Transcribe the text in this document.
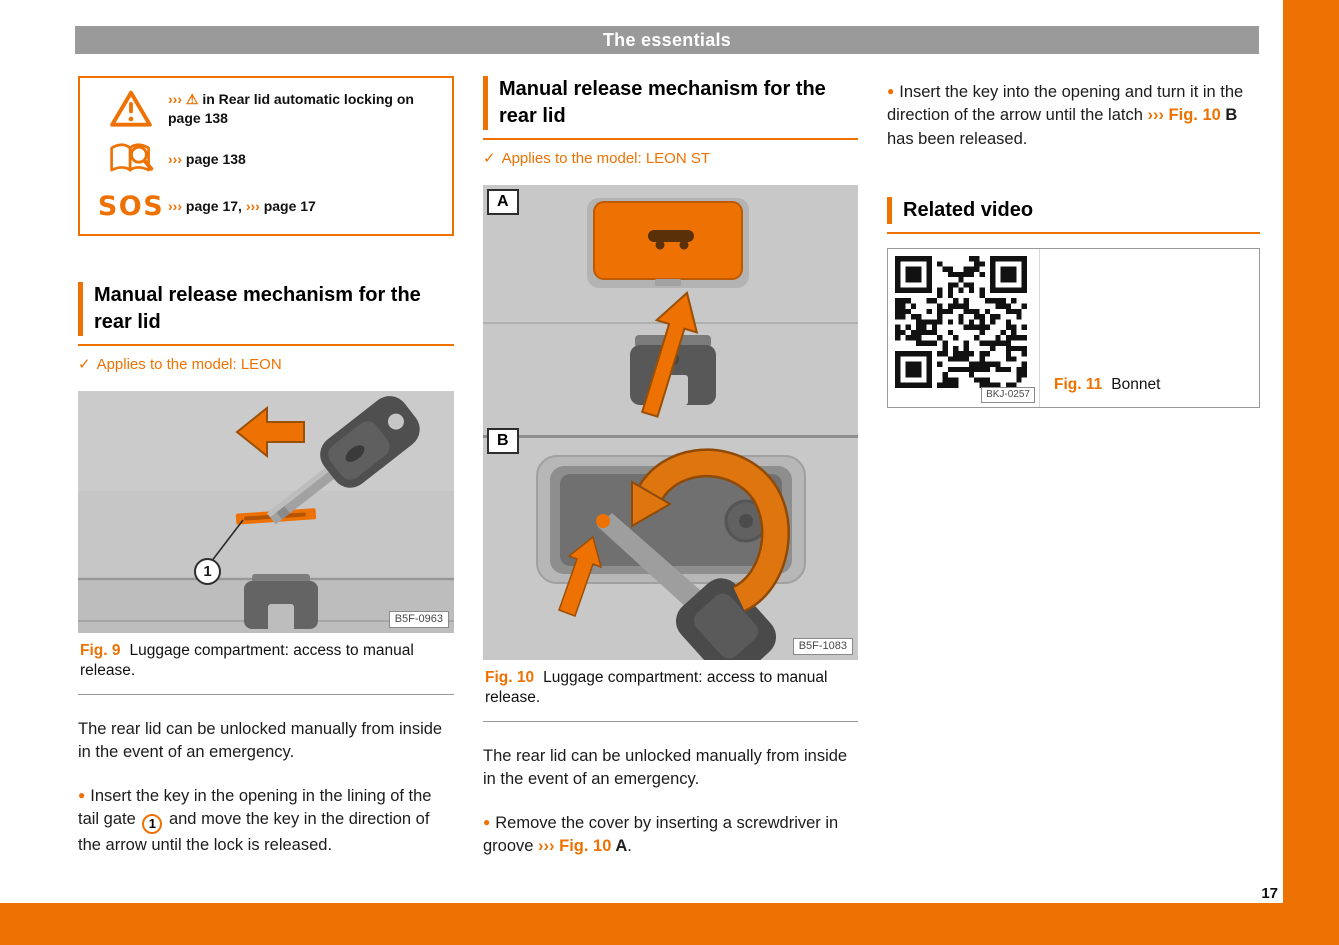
The essentials
››› ⚠ in Rear lid automatic locking on page 138
››› page 138
SOS ››› page 17, ››› page 17
Manual release mechanism for the rear lid
✓ Applies to the model: LEON
1
B5F-0963
Fig. 9 Luggage compartment: access to manual release.

The rear lid can be unlocked manually from inside in the event of an emergency.

● Insert the key in the opening in the lining of the tail gate 1 and move the key in the direction of the arrow until the lock is released.

Manual release mechanism for the rear lid
✓ Applies to the model: LEON ST
A
B
B5F-1083
Fig. 10 Luggage compartment: access to manual release.

The rear lid can be unlocked manually from inside in the event of an emergency.

● Remove the cover by inserting a screwdriver in groove ››› Fig. 10 A.

● Insert the key into the opening and turn it in the direction of the arrow until the latch ››› Fig. 10 B has been released.

Related video
BKJ-0257
Fig. 11 Bonnet
17
